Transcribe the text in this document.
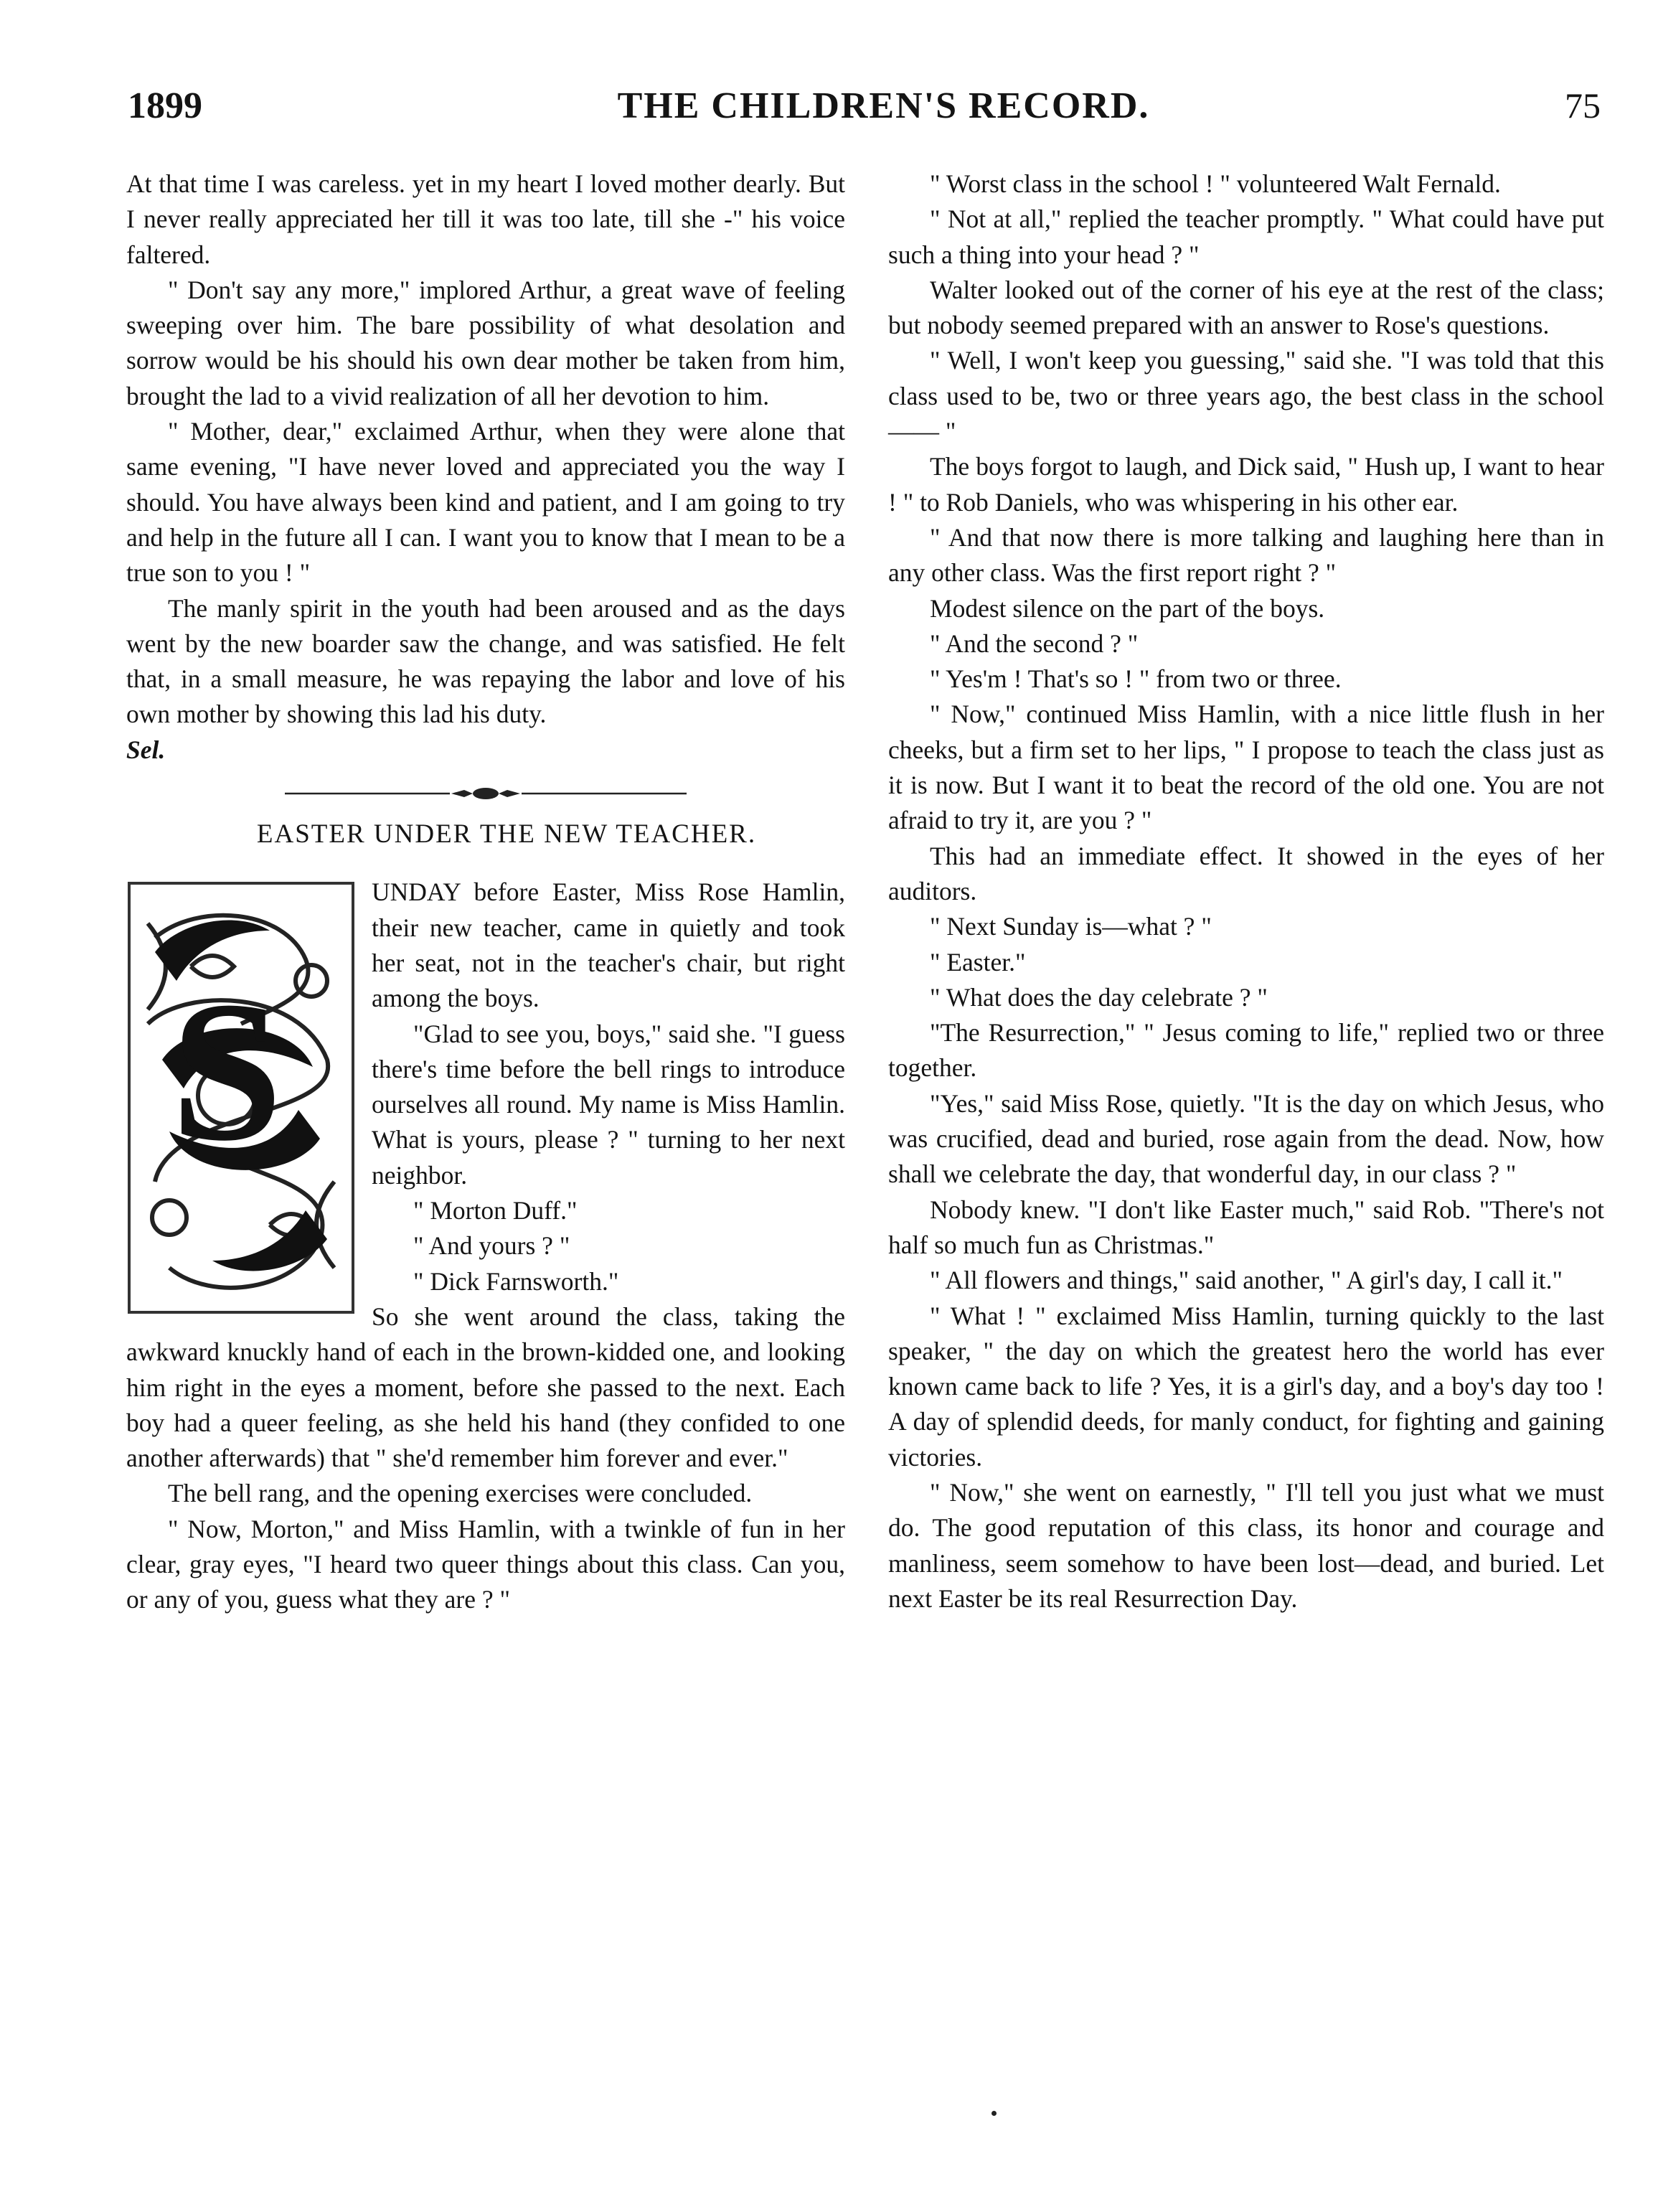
1899	THE CHILDREN'S RECORD.	75

At that time I was careless. yet in my heart I loved mother dearly. But I never really appreciated her till it was too late, till she -" his voice faltered.

" Don't say any more," implored Arthur, a great wave of feeling sweeping over him. The bare possibility of what desolation and sorrow would be his should his own dear mother be taken from him, brought the lad to a vivid realization of all her devotion to him.

" Mother, dear," exclaimed Arthur, when they were alone that same evening, "I have never loved and appreciated you the way I should. You have always been kind and patient, and I am going to try and help in the future all I can. I want you to know that I mean to be a true son to you ! "

The manly spirit in the youth had been aroused and as the days went by the new boarder saw the change, and was satisfied. He felt that, in a small measure, he was repaying the labor and love of his own mother by showing this lad his duty.

Sel.

EASTER UNDER THE NEW TEACHER.

S

UNDAY before Easter, Miss Rose Hamlin, their new teacher, came in quietly and took her seat, not in the teacher's chair, but right among the boys.

"Glad to see you, boys," said she. "I guess there's time before the bell rings to introduce ourselves all round. My name is Miss Hamlin. What is yours, please ? " turning to her next neighbor.

" Morton Duff."

" And yours ? "

" Dick Farnsworth."

So she went around the class, taking the awkward knuckly hand of each in the brown-kidded one, and looking him right in the eyes a moment, before she passed to the next. Each boy had a queer feeling, as she held his hand (they confided to one another afterwards) that " she'd remember him forever and ever."

The bell rang, and the opening exercises were concluded.

" Now, Morton," and Miss Hamlin, with a twinkle of fun in her clear, gray eyes, "I heard two queer things about this class. Can you, or any of you, guess what they are ? "

" Worst class in the school ! " volunteered Walt Fernald.

" Not at all," replied the teacher promptly. " What could have put such a thing into your head ? "

Walter looked out of the corner of his eye at the rest of the class; but nobody seemed prepared with an answer to Rose's questions.

" Well, I won't keep you guessing," said she. "I was told that this class used to be, two or three years ago, the best class in the school —— "

The boys forgot to laugh, and Dick said, " Hush up, I want to hear ! " to Rob Daniels, who was whispering in his other ear.

" And that now there is more talking and laughing here than in any other class. Was the first report right ? "

Modest silence on the part of the boys.

" And the second ? "

" Yes'm ! That's so ! " from two or three.

" Now," continued Miss Hamlin, with a nice little flush in her cheeks, but a firm set to her lips, " I propose to teach the class just as it is now. But I want it to beat the record of the old one. You are not afraid to try it, are you ? "

This had an immediate effect. It showed in the eyes of her auditors.

" Next Sunday is—what ? "

" Easter."

" What does the day celebrate ? "

"The Resurrection," " Jesus coming to life," replied two or three together.

"Yes," said Miss Rose, quietly. "It is the day on which Jesus, who was crucified, dead and buried, rose again from the dead. Now, how shall we celebrate the day, that wonderful day, in our class ? "

Nobody knew. "I don't like Easter much," said Rob. "There's not half so much fun as Christmas."

" All flowers and things," said another, " A girl's day, I call it."

" What ! " exclaimed Miss Hamlin, turning quickly to the last speaker, " the day on which the greatest hero the world has ever known came back to life ? Yes, it is a girl's day, and a boy's day too ! A day of splendid deeds, for manly conduct, for fighting and gaining victories.

" Now," she went on earnestly, " I'll tell you just what we must do. The good reputation of this class, its honor and courage and manliness, seem somehow to have been lost—dead, and buried. Let next Easter be its real Resurrection Day.
